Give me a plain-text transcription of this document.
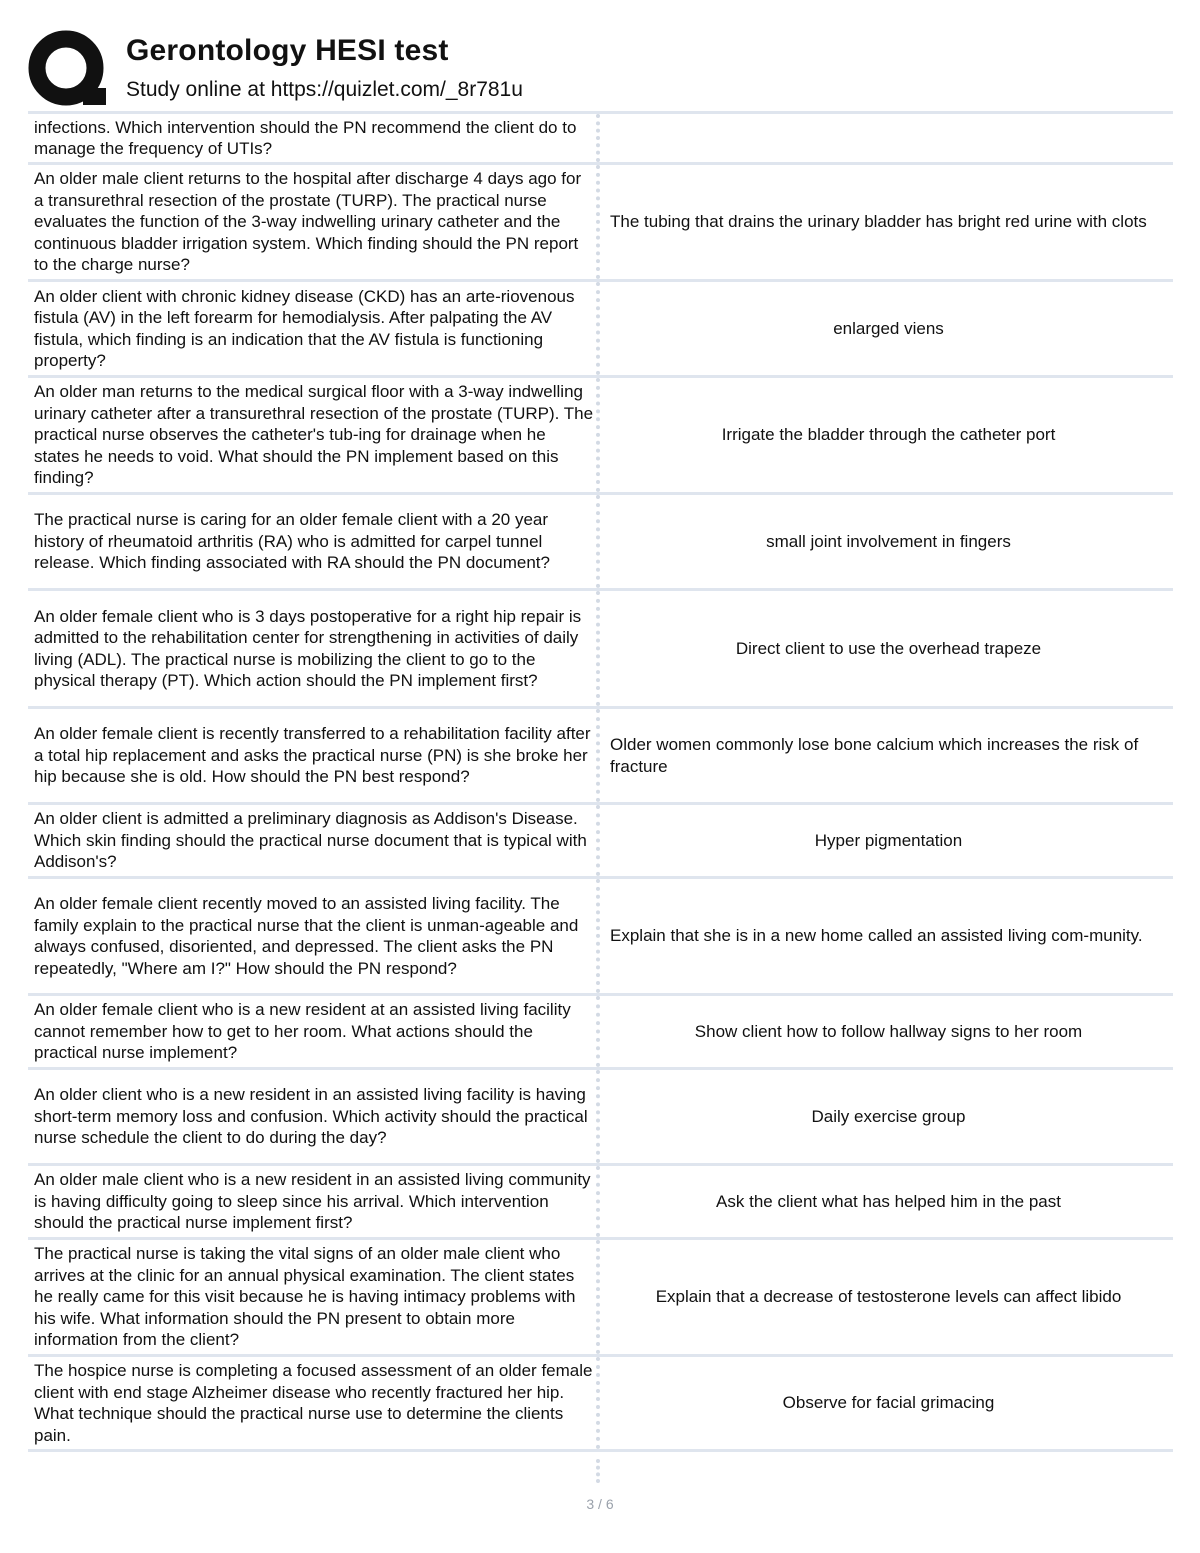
Gerontology HESI test
Study online at https://quizlet.com/_8r781u
infections. Which intervention should the PN recommend the client do to manage the frequency of UTIs?
An older male client returns to the hospital after discharge 4 days ago for a transurethral resection of the prostate (TURP). The practical nurse evaluates the function of the 3-way indwelling urinary catheter and the continuous bladder irrigation system. Which finding should the PN report to the charge nurse?
The tubing that drains the urinary bladder has bright red urine with clots
An older client with chronic kidney disease (CKD) has an arte-riovenous fistula (AV) in the left forearm for hemodialysis. After palpating the AV fistula, which finding is an indication that the AV fistula is functioning property?
enlarged viens
An older man returns to the medical surgical floor with a 3-way indwelling urinary catheter after a transurethral resection of the prostate (TURP). The practical nurse observes the catheter's tub-ing for drainage when he states he needs to void. What should the PN implement based on this finding?
Irrigate the bladder through the catheter port
The practical nurse is caring for an older female client with a 20 year history of rheumatoid arthritis (RA) who is admitted for carpel tunnel release. Which finding associated with RA should the PN document?
small joint involvement in fingers
An older female client who is 3 days postoperative for a right hip repair is admitted to the rehabilitation center for strengthening in activities of daily living (ADL). The practical nurse is mobilizing the client to go to the physical therapy (PT). Which action should the PN implement first?
Direct client to use the overhead trapeze
An older female client is recently transferred to a rehabilitation facility after a total hip replacement and asks the practical nurse (PN) is she broke her hip because she is old. How should the PN best respond?
Older women commonly lose bone calcium which increases the risk of fracture
An older client is admitted a preliminary diagnosis as Addison's Disease. Which skin finding should the practical nurse document that is typical with Addison's?
Hyper pigmentation
An older female client recently moved to an assisted living facility. The family explain to the practical nurse that the client is unman-ageable and always confused, disoriented, and depressed. The client asks the PN repeatedly, "Where am I?" How should the PN respond?
Explain that she is in a new home called an assisted living com-munity.
An older female client who is a new resident at an assisted living facility cannot remember how to get to her room. What actions should the practical nurse implement?
Show client how to follow hallway signs to her room
An older client who is a new resident in an assisted living facility is having short-term memory loss and confusion. Which activity should the practical nurse schedule the client to do during the day?
Daily exercise group
An older male client who is a new resident in an assisted living community is having difficulty going to sleep since his arrival. Which intervention should the practical nurse implement first?
Ask the client what has helped him in the past
The practical nurse is taking the vital signs of an older male client who arrives at the clinic for an annual physical examination. The client states he really came for this visit because he is having intimacy problems with his wife. What information should the PN present to obtain more information from the client?
Explain that a decrease of testosterone levels can affect libido
The hospice nurse is completing a focused assessment of an older female client with end stage Alzheimer disease who recently fractured her hip. What technique should the practical nurse use to determine the clients pain.
Observe for facial grimacing
3 / 6
